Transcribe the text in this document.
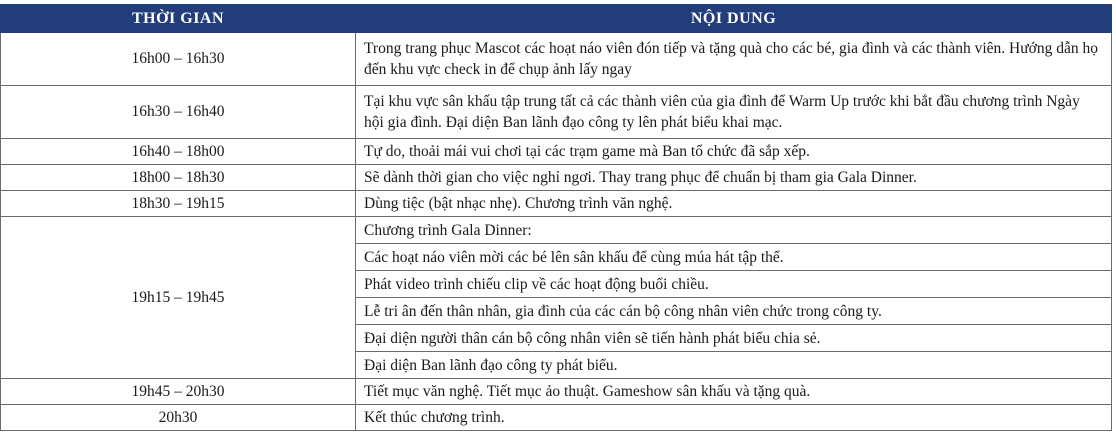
THỜI GIAN	NỘI DUNG
16h00 – 16h30	Trong trang phục Mascot các hoạt náo viên đón tiếp và tặng quà cho các bé, gia đình và các thành viên. Hướng dẫn họ đến khu vực check in để chụp ảnh lấy ngay
16h30 – 16h40	Tại khu vực sân khấu tập trung tất cả các thành viên của gia đình để Warm Up trước khi bắt đầu chương trình Ngày hội gia đình. Đại diện Ban lãnh đạo công ty lên phát biểu khai mạc.
16h40 – 18h00	Tự do, thoải mái vui chơi tại các trạm game mà Ban tổ chức đã sắp xếp.
18h00 – 18h30	Sẽ dành thời gian cho việc nghỉ ngơi. Thay trang phục để chuẩn bị tham gia Gala Dinner.
18h30 – 19h15	Dùng tiệc (bật nhạc nhẹ). Chương trình văn nghệ.
19h15 – 19h45	Chương trình Gala Dinner:
	Các hoạt náo viên mời các bé lên sân khấu để cùng múa hát tập thể.
	Phát video trình chiếu clip về các hoạt động buổi chiều.
	Lễ tri ân đến thân nhân, gia đình của các cán bộ công nhân viên chức trong công ty.
	Đại diện người thân cán bộ công nhân viên sẽ tiến hành phát biểu chia sẻ.
	Đại diện Ban lãnh đạo công ty phát biểu.
19h45 – 20h30	Tiết mục văn nghệ. Tiết mục ảo thuật. Gameshow sân khấu và tặng quà.
20h30	Kết thúc chương trình.
